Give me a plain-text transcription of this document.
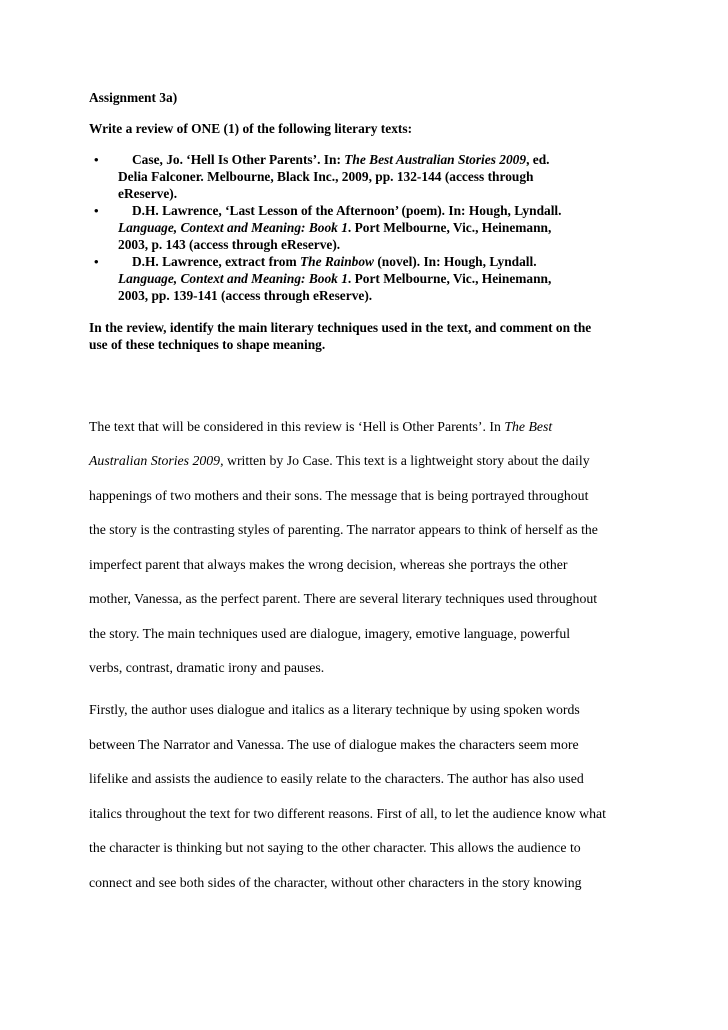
Assignment 3a)
Write a review of ONE (1) of the following literary texts:
• Case, Jo. ‘Hell Is Other Parents’. In: The Best Australian Stories 2009, ed.
Delia Falconer. Melbourne, Black Inc., 2009, pp. 132-144 (access through
eReserve).
• D.H. Lawrence, ‘Last Lesson of the Afternoon’ (poem). In: Hough, Lyndall.
Language, Context and Meaning: Book 1. Port Melbourne, Vic., Heinemann,
2003, p. 143 (access through eReserve).
• D.H. Lawrence, extract from The Rainbow (novel). In: Hough, Lyndall.
Language, Context and Meaning: Book 1. Port Melbourne, Vic., Heinemann,
2003, pp. 139-141 (access through eReserve).
In the review, identify the main literary techniques used in the text, and comment on the
use of these techniques to shape meaning.
The text that will be considered in this review is ‘Hell is Other Parents’. In The Best
Australian Stories 2009, written by Jo Case. This text is a lightweight story about the daily
happenings of two mothers and their sons. The message that is being portrayed throughout
the story is the contrasting styles of parenting. The narrator appears to think of herself as the
imperfect parent that always makes the wrong decision, whereas she portrays the other
mother, Vanessa, as the perfect parent. There are several literary techniques used throughout
the story. The main techniques used are dialogue, imagery, emotive language, powerful
verbs, contrast, dramatic irony and pauses.
Firstly, the author uses dialogue and italics as a literary technique by using spoken words
between The Narrator and Vanessa. The use of dialogue makes the characters seem more
lifelike and assists the audience to easily relate to the characters. The author has also used
italics throughout the text for two different reasons. First of all, to let the audience know what
the character is thinking but not saying to the other character. This allows the audience to
connect and see both sides of the character, without other characters in the story knowing
